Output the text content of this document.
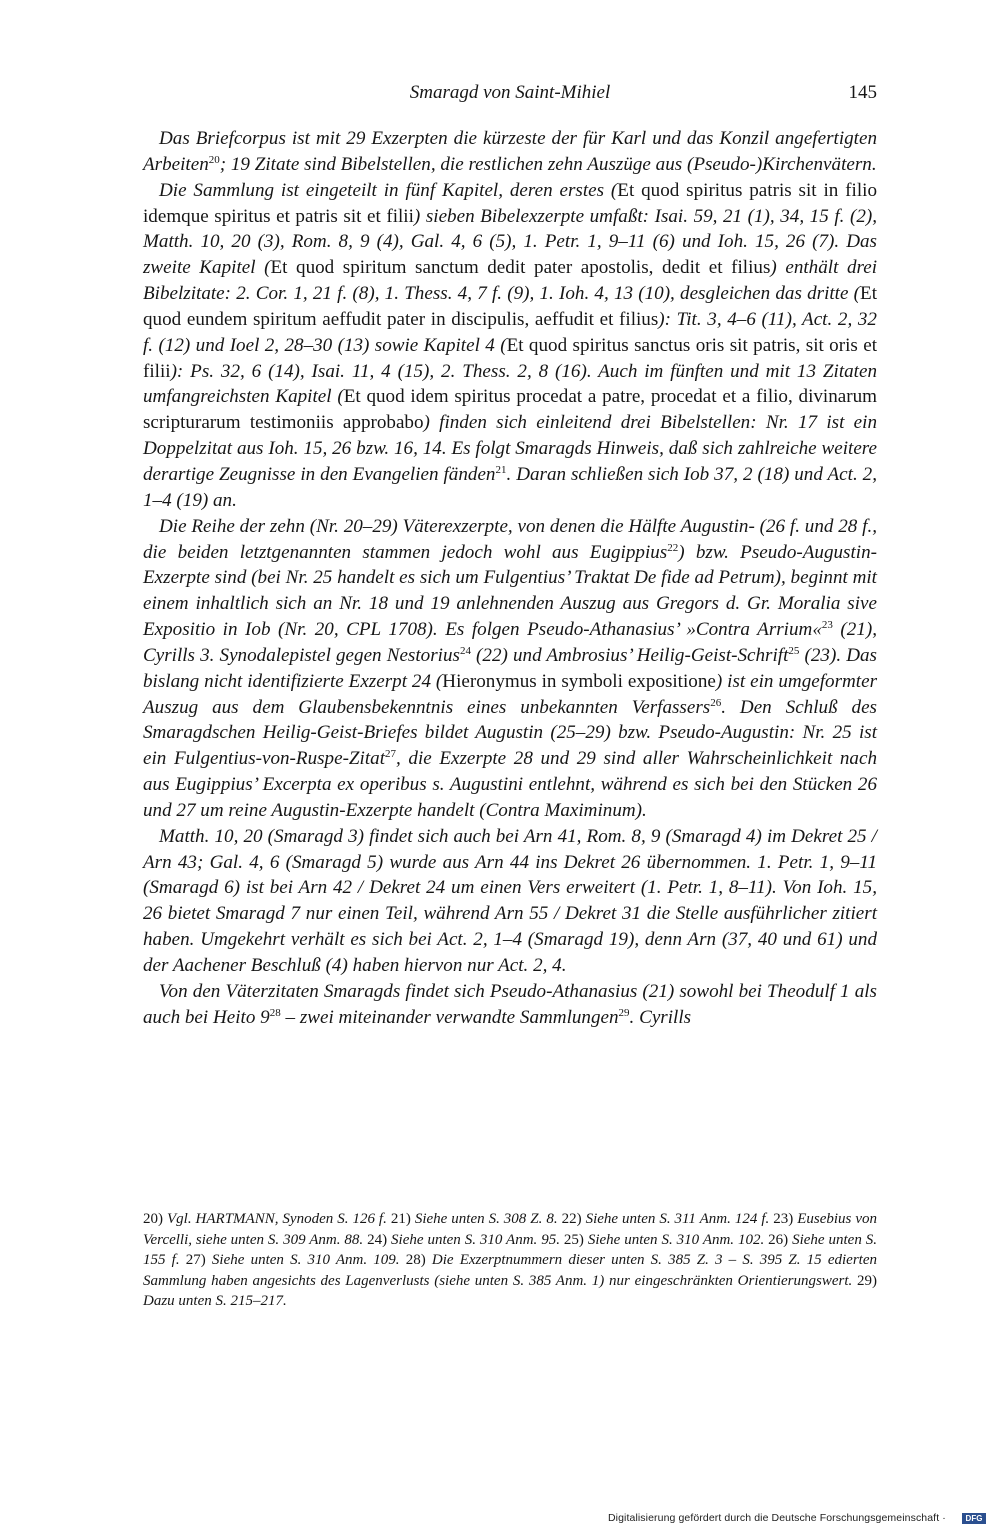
Smaragd von Saint-Mihiel	145

Das Briefcorpus ist mit 29 Exzerpten die kürzeste der für Karl und das Konzil angefertigten Arbeiten$^{20}$; 19 Zitate sind Bibelstellen, die restlichen zehn Auszüge aus (Pseudo-)Kirchenvätern.

Die Sammlung ist eingeteilt in fünf Kapitel, deren erstes (Et quod spiritus patris sit in filio idemque spiritus et patris sit et filii) sieben Bibelexzerpte umfaßt: Isai. 59, 21 (1), 34, 15 f. (2), Matth. 10, 20 (3), Rom. 8, 9 (4), Gal. 4, 6 (5), 1. Petr. 1, 9–11 (6) und Ioh. 15, 26 (7). Das zweite Kapitel (Et quod spiritum sanctum dedit pater apostolis, dedit et filius) enthält drei Bibelzitate: 2. Cor. 1, 21 f. (8), 1. Thess. 4, 7 f. (9), 1. Ioh. 4, 13 (10), desgleichen das dritte (Et quod eundem spiritum aeffudit pater in discipulis, aeffudit et filius): Tit. 3, 4–6 (11), Act. 2, 32 f. (12) und Ioel 2, 28–30 (13) sowie Kapitel 4 (Et quod spiritus sanctus oris sit patris, sit oris et filii): Ps. 32, 6 (14), Isai. 11, 4 (15), 2. Thess. 2, 8 (16). Auch im fünften und mit 13 Zitaten umfangreichsten Kapitel (Et quod idem spiritus procedat a patre, procedat et a filio, divinarum scripturarum testimoniis approbabo) finden sich einleitend drei Bibelstellen: Nr. 17 ist ein Doppelzitat aus Ioh. 15, 26 bzw. 16, 14. Es folgt Smaragds Hinweis, daß sich zahlreiche weitere derartige Zeugnisse in den Evangelien fänden$^{21}$. Daran schließen sich Iob 37, 2 (18) und Act. 2, 1–4 (19) an.

Die Reihe der zehn (Nr. 20–29) Väterexzerpte, von denen die Hälfte Augustin- (26 f. und 28 f., die beiden letztgenannten stammen jedoch wohl aus Eugippius$^{22}$) bzw. Pseudo-Augustin-Exzerpte sind (bei Nr. 25 handelt es sich um Fulgentius’ Traktat De fide ad Petrum), beginnt mit einem inhaltlich sich an Nr. 18 und 19 anlehnenden Auszug aus Gregors d. Gr. Moralia sive Expositio in Iob (Nr. 20, CPL 1708). Es folgen Pseudo-Athanasius’ »Contra Arrium«$^{23}$ (21), Cyrills 3. Synodalepistel gegen Nestorius$^{24}$ (22) und Ambrosius’ Heilig-Geist-Schrift$^{25}$ (23). Das bislang nicht identifizierte Exzerpt 24 (Hieronymus in symboli expositione) ist ein umgeformter Auszug aus dem Glaubensbekenntnis eines unbekannten Verfassers$^{26}$. Den Schluß des Smaragdschen Heilig-Geist-Briefes bildet Augustin (25–29) bzw. Pseudo-Augustin: Nr. 25 ist ein Fulgentius-von-Ruspe-Zitat$^{27}$, die Exzerpte 28 und 29 sind aller Wahrscheinlichkeit nach aus Eugippius’ Excerpta ex operibus s. Augustini entlehnt, während es sich bei den Stücken 26 und 27 um reine Augustin-Exzerpte handelt (Contra Maximinum).

Matth. 10, 20 (Smaragd 3) findet sich auch bei Arn 41, Rom. 8, 9 (Smaragd 4) im Dekret 25 / Arn 43; Gal. 4, 6 (Smaragd 5) wurde aus Arn 44 ins Dekret 26 übernommen. 1. Petr. 1, 9–11 (Smaragd 6) ist bei Arn 42 / Dekret 24 um einen Vers erweitert (1. Petr. 1, 8–11). Von Ioh. 15, 26 bietet Smaragd 7 nur einen Teil, während Arn 55 / Dekret 31 die Stelle ausführlicher zitiert haben. Umgekehrt verhält es sich bei Act. 2, 1–4 (Smaragd 19), denn Arn (37, 40 und 61) und der Aachener Beschluß (4) haben hiervon nur Act. 2, 4.

Von den Väterzitaten Smaragds findet sich Pseudo-Athanasius (21) sowohl bei Theodulf 1 als auch bei Heito $9^{28}$ – zwei miteinander verwandte Sammlungen$^{29}$. Cyrills

20) Vgl. HARTMANN, Synoden S. 126 f. 21) Siehe unten S. 308 Z. 8. 22) Siehe unten S. 311 Anm. 124 f. 23) Eusebius von Vercelli, siehe unten S. 309 Anm. 88. 24) Siehe unten S. 310 Anm. 95. 25) Siehe unten S. 310 Anm. 102. 26) Siehe unten S. 155 f. 27) Siehe unten S. 310 Anm. 109. 28) Die Exzerptnummern dieser unten S. 385 Z. 3 – S. 395 Z. 15 edierten Sammlung haben angesichts des Lagenverlusts (siehe unten S. 385 Anm. 1) nur eingeschränkten Orientierungswert. 29) Dazu unten S. 215–217.

Digitalisierung gefördert durch die Deutsche Forschungsgemeinschaft ·	DFG
